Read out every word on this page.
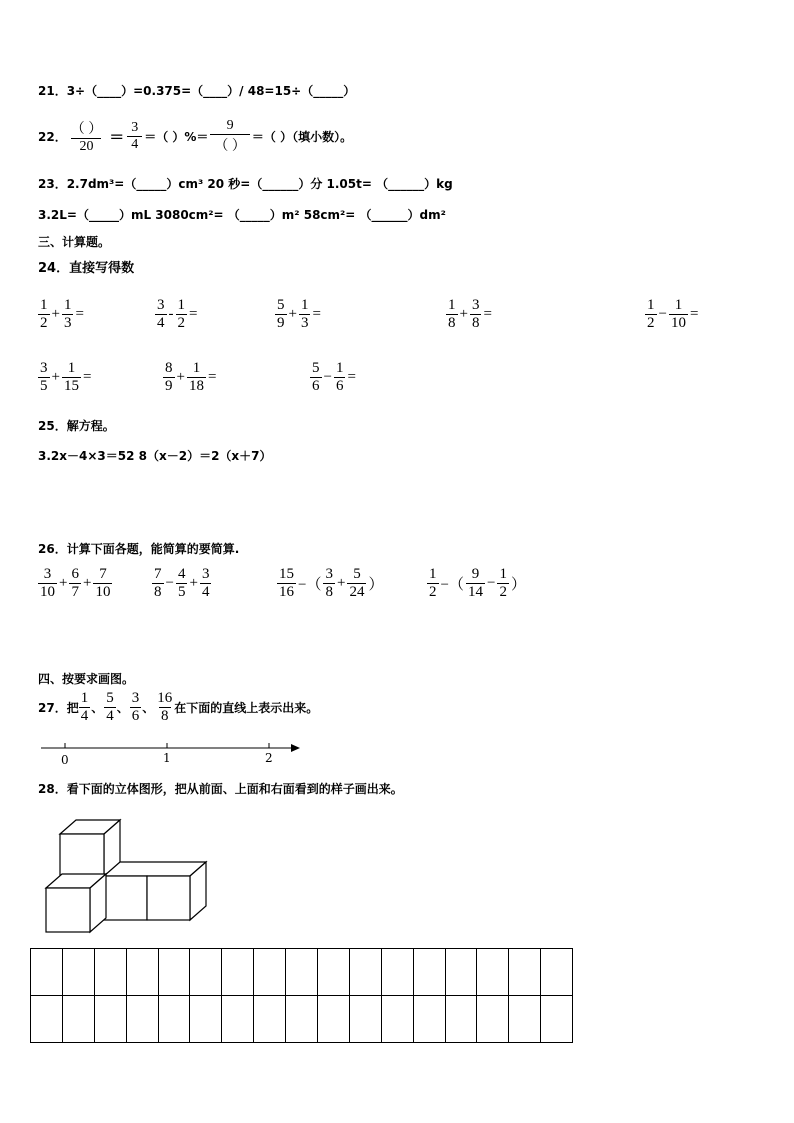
21．3÷（____）=0.375=（____）/ 48=15÷（_____）
22． $\frac{( )}{20} = \frac{3}{4}$ ＝（ ）%＝ $\frac{9}{( )}$ ＝（ ）（填小数）。
23．2.7dm³=（_____）cm³ 20 秒=（______）分 1.05t= （______）kg
3.2L=（_____）mL 3080cm²= （_____）m² 58cm²= （______）dm²
三、计算题。
24．直接写得数
$\frac{1}{2} + \frac{1}{3}$ =	$\frac{3}{4} - \frac{1}{2}$ =	$\frac{5}{9} + \frac{1}{3}$ =	$\frac{1}{8} + \frac{3}{8}$ =	$\frac{1}{2} - \frac{1}{10}$ =
$\frac{3}{5} + \frac{1}{15}$ =	$\frac{8}{9} + \frac{1}{18}$ =	$\frac{5}{6} - \frac{1}{6}$ =
25．解方程。
3.2x－4×3＝52 8（x－2）＝2（x＋7）
26．计算下面各题，能简算的要简算.
$\frac{3}{10} + \frac{6}{7} + \frac{7}{10}$	$\frac{7}{8} - \frac{4}{5} + \frac{3}{4}$	$\frac{15}{16}$ −（ $\frac{3}{8} + \frac{5}{24}$ ）	$\frac{1}{2}$ −（ $\frac{9}{14} - \frac{1}{2}$ ）
四、按要求画图。
27．把 $\frac{1}{4}$ 、 $\frac{5}{4}$ 、 $\frac{3}{6}$ 、 $\frac{16}{8}$ 在下面的直线上表示出来。
0	1	2
28．看下面的立体图形，把从前面、上面和右面看到的样子画出来。
